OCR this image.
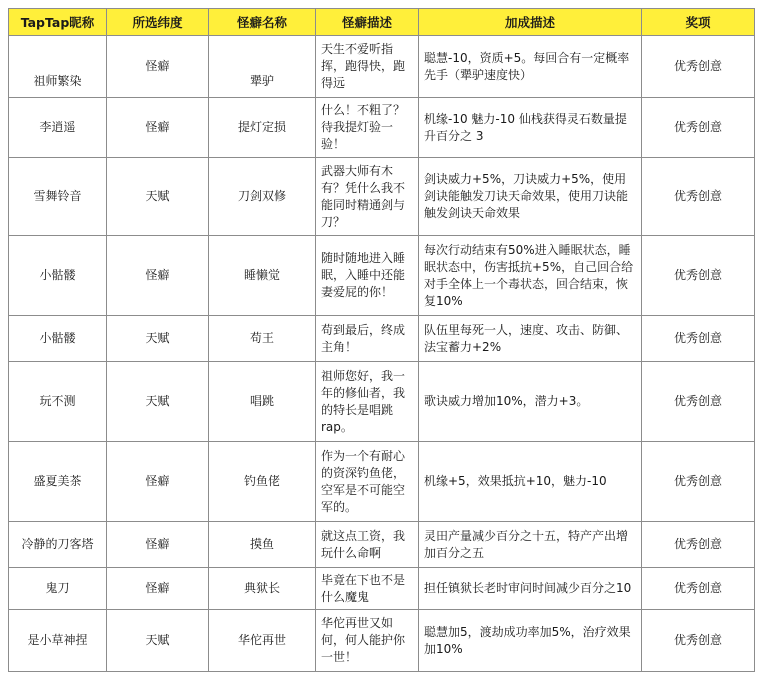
TapTap昵称	所选纬度	怪癖名称	怪癖描述	加成描述	奖项
祖师繁染	怪癖	犟驴	天生不爱听指挥，跑得快，跑得远	聪慧-10，资质+5。每回合有一定概率先手（犟驴速度快）	优秀创意
李逍遥	怪癖	提灯定损	什么！不粗了？待我提灯验一验！	机缘-10 魅力-10 仙栈获得灵石数量提升百分之 3	优秀创意
雪舞铃音	天赋	刀剑双修	武器大师有木有？凭什么我不能同时精通剑与刀？	剑诀威力+5%，刀诀威力+5%，使用剑诀能触发刀诀天命效果，使用刀诀能触发剑诀天命效果	优秀创意
小骷髅	怪癖	睡懒觉	随时随地进入睡眠，入睡中还能妻爱屁的你！	每次行动结束有50%进入睡眠状态，睡眠状态中，伤害抵抗+5%，自己回合给对手全体上一个毒状态，回合结束，恢复10%	优秀创意
小骷髅	天赋	苟王	苟到最后，终成主角！	队伍里每死一人，速度、攻击、防御、法宝蓄力+2%	优秀创意
玩不测	天赋	唱跳	祖师您好，我一年的修仙者，我的特长是唱跳rap。	歌诀威力增加10%，潜力+3。	优秀创意
盛夏美茶	怪癖	钓鱼佬	作为一个有耐心的资深钓鱼佬，空军是不可能空军的。	机缘+5，效果抵抗+10，魅力-10	优秀创意
冷静的刀客塔	怪癖	摸鱼	就这点工资，我玩什么命啊	灵田产量减少百分之十五，特产产出增加百分之五	优秀创意
鬼刀	怪癖	典狱长	毕竟在下也不是什么魔鬼	担任镇狱长老时审问时间减少百分之10	优秀创意
是小草神捏	天赋	华佗再世	华佗再世又如何，何人能护你一世！	聪慧加5，渡劫成功率加5%，治疗效果加10%	优秀创意
